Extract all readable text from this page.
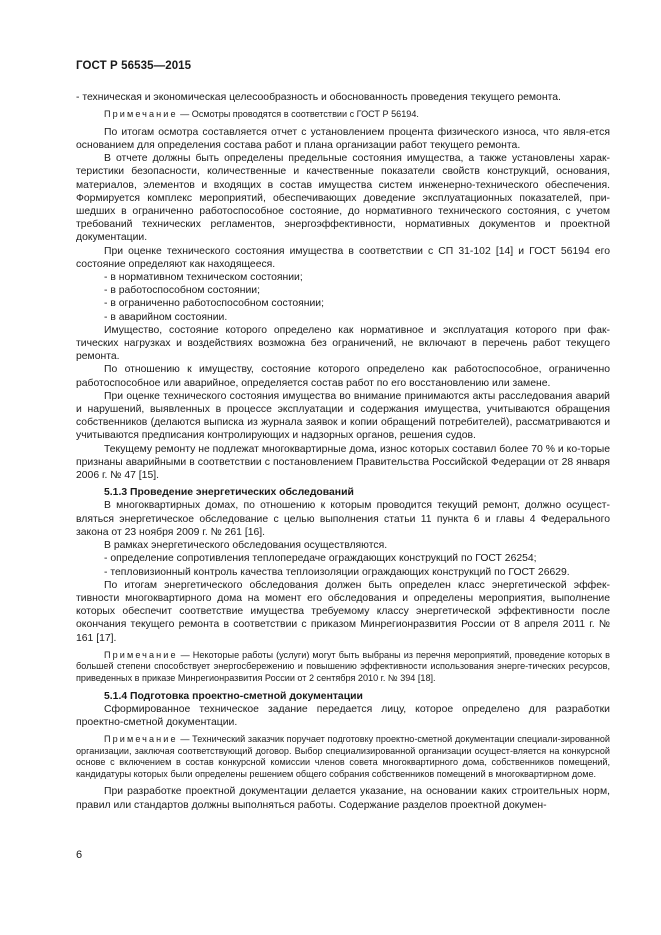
ГОСТ Р 56535—2015

- техническая и экономическая целесообразность и обоснованность проведения текущего ремонта.

Примечание — Осмотры проводятся в соответствии с ГОСТ Р 56194.

По итогам осмотра составляется отчет с установлением процента физического износа, что явля-ется основанием для определения состава работ и плана организации работ текущего ремонта.

В отчете должны быть определены предельные состояния имущества, а также установлены харак-теристики безопасности, количественные и качественные показатели свойств конструкций, основания, материалов, элементов и входящих в состав имущества систем инженерно-технического обеспечения. Формируется комплекс мероприятий, обеспечивающих доведение эксплуатационных показателей, при-шедших в ограниченно работоспособное состояние, до нормативного технического состояния, с учетом требований технических регламентов, энергоэффективности, нормативных документов и проектной документации.

При оценке технического состояния имущества в соответствии с СП 31-102 [14] и ГОСТ 56194 его состояние определяют как находящееся.

- в нормативном техническом состоянии;

- в работоспособном состоянии;

- в ограниченно работоспособном состоянии;

- в аварийном состоянии.

Имущество, состояние которого определено как нормативное и эксплуатация которого при фак-тических нагрузках и воздействиях возможна без ограничений, не включают в перечень работ текущего ремонта.

По отношению к имуществу, состояние которого определено как работоспособное, ограниченно работоспособное или аварийное, определяется состав работ по его восстановлению или замене.

При оценке технического состояния имущества во внимание принимаются акты расследования аварий и нарушений, выявленных в процессе эксплуатации и содержания имущества, учитываются обращения собственников (делаются выписка из журнала заявок и копии обращений потребителей), рассматриваются и учитываются предписания контролирующих и надзорных органов, решения судов.

Текущему ремонту не подлежат многоквартирные дома, износ которых составил более 70 % и ко-торые признаны аварийными в соответствии с постановлением Правительства Российской Федерации от 28 января 2006 г. № 47 [15].

5.1.3 Проведение энергетических обследований

В многоквартирных домах, по отношению к которым проводится текущий ремонт, должно осущест-вляться энергетическое обследование с целью выполнения статьи 11 пункта 6 и главы 4 Федерального закона от 23 ноября 2009 г. № 261 [16].

В рамках энергетического обследования осуществляются.

- определение сопротивления теплопередаче ограждающих конструкций по ГОСТ 26254;

- тепловизионный контроль качества теплоизоляции ограждающих конструкций по ГОСТ 26629.

По итогам энергетического обследования должен быть определен класс энергетической эффек-тивности многоквартирного дома на момент его обследования и определены мероприятия, выполнение которых обеспечит соответствие имущества требуемому классу энергетической эффективности после окончания текущего ремонта в соответствии с приказом Минрегионразвития России от 8 апреля 2011 г. № 161 [17].

Примечание — Некоторые работы (услуги) могут быть выбраны из перечня мероприятий, проведение которых в большей степени способствует энергосбережению и повышению эффективности использования энерге-тических ресурсов, приведенных в приказе Минрегионразвития России от 2 сентября 2010 г. № 394 [18].

5.1.4 Подготовка проектно-сметной документации

Сформированное техническое задание передается лицу, которое определено для разработки проектно-сметной документации.

Примечание — Технический заказчик поручает подготовку проектно-сметной документации специали-зированной организации, заключая соответствующий договор. Выбор специализированной организации осущест-вляется на конкурсной основе с включением в состав конкурсной комиссии членов совета многоквартирного дома, собственников помещений, кандидатуры которых были определены решением общего собрания собственников помещений в многоквартирном доме.

При разработке проектной документации делается указание, на основании каких строительных норм, правил или стандартов должны выполняться работы. Содержание разделов проектной докумен-

6
